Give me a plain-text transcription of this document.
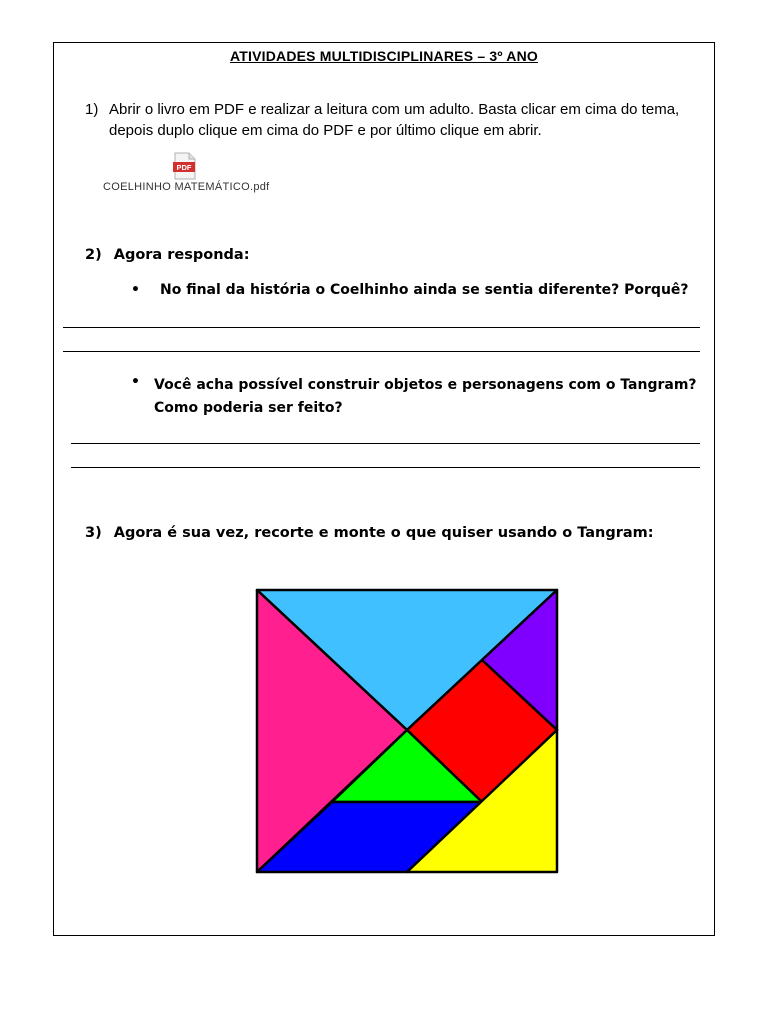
ATIVIDADES MULTIDISCIPLINARES – 3º ANO
1) Abrir o livro em PDF e realizar a leitura com um adulto. Basta clicar em cima do tema, depois duplo clique em cima do PDF e por último clique em abrir.
PDF
COELHINHO MATEMÁTICO.pdf
2) Agora responda:
• No final da história o Coelhinho ainda se sentia diferente? Porquê?
• Você acha possível construir objetos e personagens com o Tangram? Como poderia ser feito?
3) Agora é sua vez, recorte e monte o que quiser usando o Tangram:
